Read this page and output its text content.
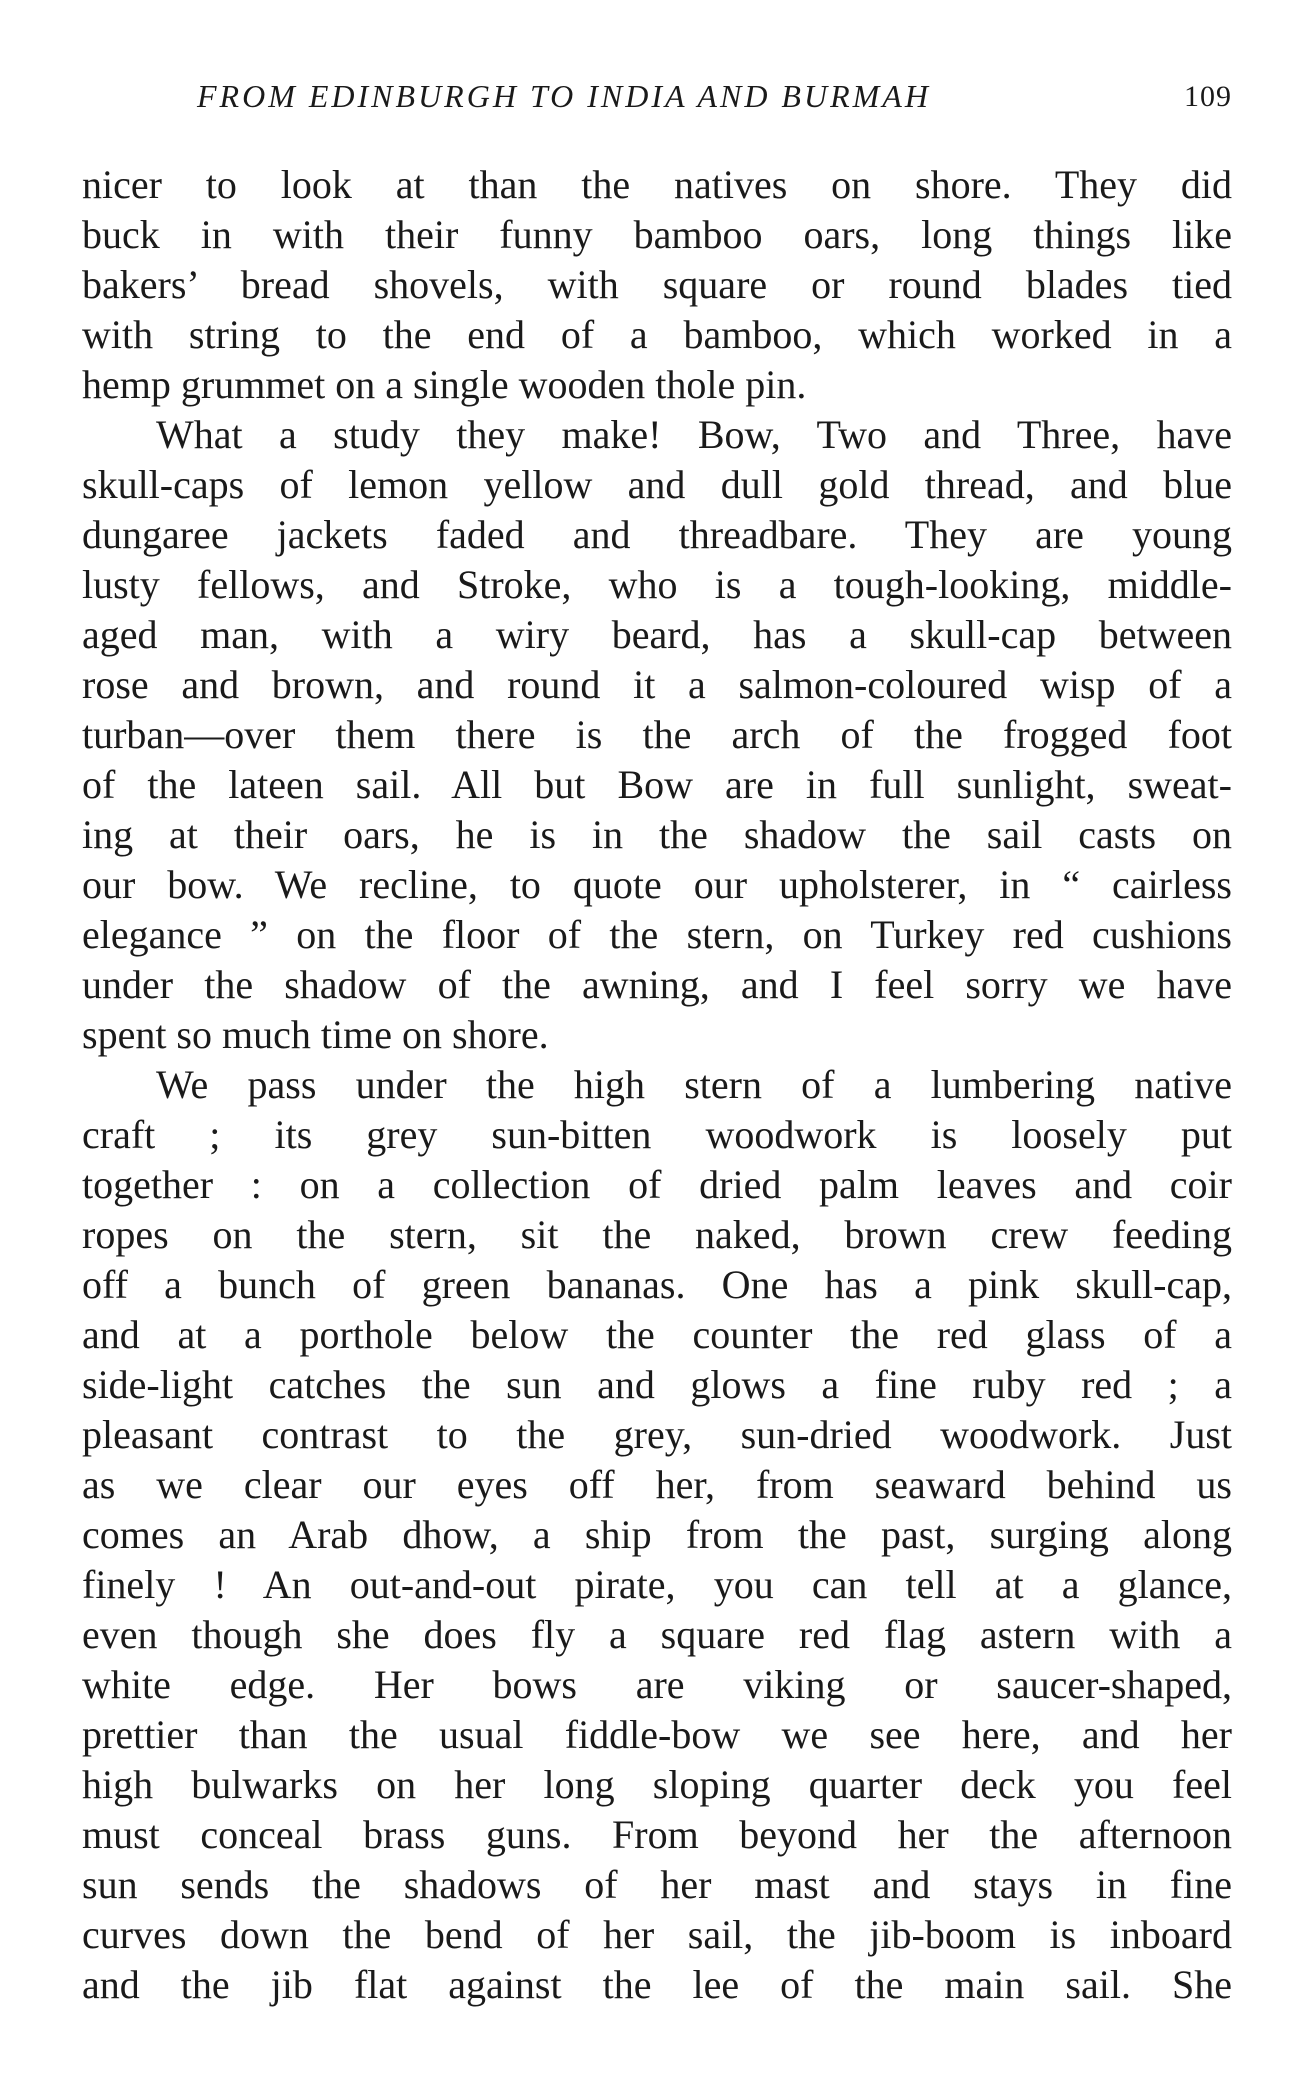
FROM EDINBURGH TO INDIA AND BURMAH	109

nicer to look at than the natives on shore. They did
buck in with their funny bamboo oars, long things like
bakers’ bread shovels, with square or round blades tied
with string to the end of a bamboo, which worked in a
hemp grummet on a single wooden thole pin.

What a study they make! Bow, Two and Three, have
skull-caps of lemon yellow and dull gold thread, and blue
dungaree jackets faded and threadbare. They are young
lusty fellows, and Stroke, who is a tough-looking, middle-
aged man, with a wiry beard, has a skull-cap between
rose and brown, and round it a salmon-coloured wisp of a
turban—over them there is the arch of the frogged foot
of the lateen sail. All but Bow are in full sunlight, sweat-
ing at their oars, he is in the shadow the sail casts on
our bow. We recline, to quote our upholsterer, in “ cairless
elegance ” on the floor of the stern, on Turkey red cushions
under the shadow of the awning, and I feel sorry we have
spent so much time on shore.

We pass under the high stern of a lumbering native
craft ; its grey sun-bitten woodwork is loosely put
together : on a collection of dried palm leaves and coir
ropes on the stern, sit the naked, brown crew feeding
off a bunch of green bananas. One has a pink skull-cap,
and at a porthole below the counter the red glass of a
side-light catches the sun and glows a fine ruby red ; a
pleasant contrast to the grey, sun-dried woodwork. Just
as we clear our eyes off her, from seaward behind us
comes an Arab dhow, a ship from the past, surging along
finely ! An out-and-out pirate, you can tell at a glance,
even though she does fly a square red flag astern with a
white edge. Her bows are viking or saucer-shaped,
prettier than the usual fiddle-bow we see here, and her
high bulwarks on her long sloping quarter deck you feel
must conceal brass guns. From beyond her the afternoon
sun sends the shadows of her mast and stays in fine
curves down the bend of her sail, the jib-boom is inboard
and the jib flat against the lee of the main sail. She
